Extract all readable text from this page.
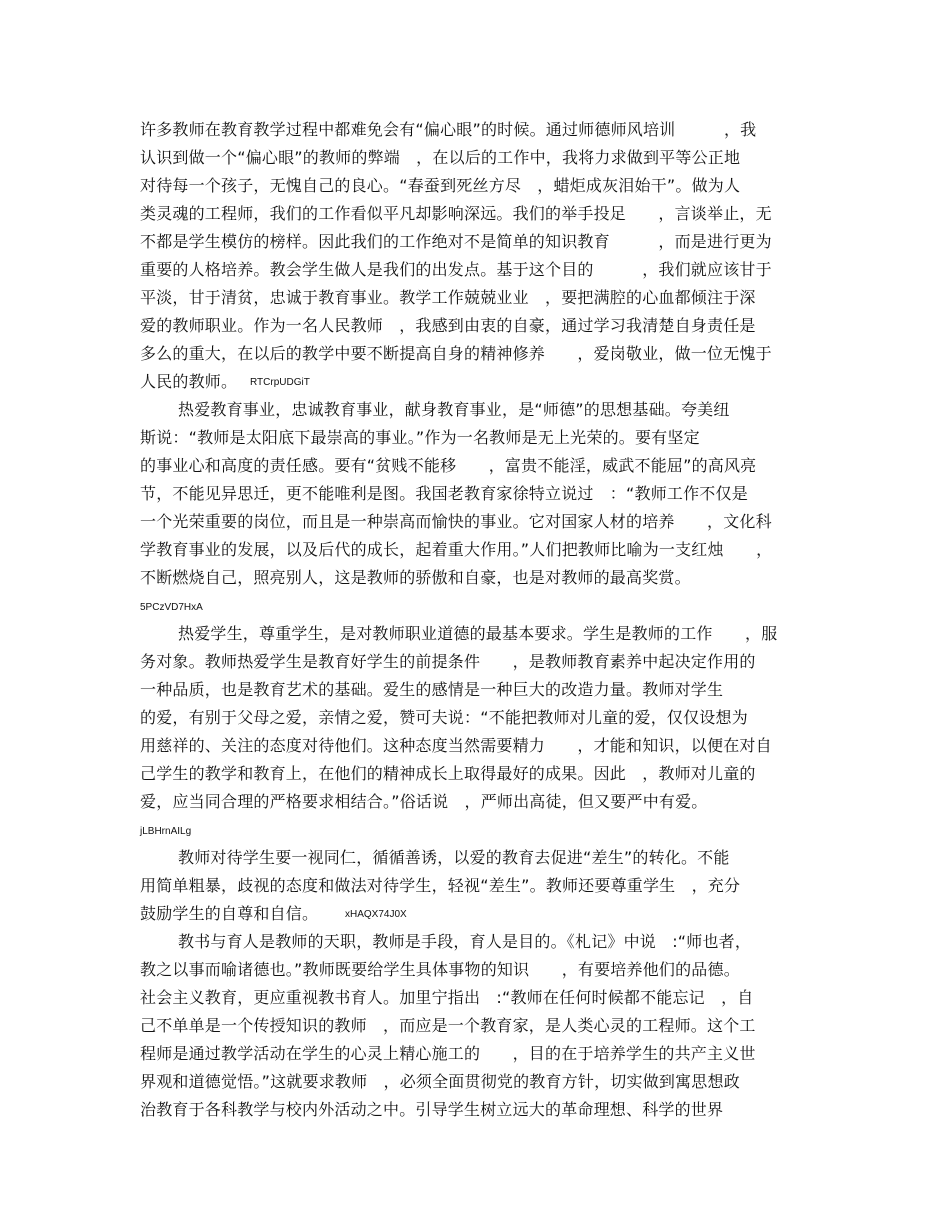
许多教师在教育教学过程中都难免会有“偏心眼”的时候。通过师德师风培训　　　，我
认识到做一个“偏心眼”的教师的弊端　，在以后的工作中，我将力求做到平等公正地
对待每一个孩子，无愧自己的良心。“春蚕到死丝方尽　，蜡炬成灰泪始干”。做为人
类灵魂的工程师，我们的工作看似平凡却影响深远。我们的举手投足　　，言谈举止，无
不都是学生模仿的榜样。因此我们的工作绝对不是简单的知识教育　　　，而是进行更为
重要的人格培养。教会学生做人是我们的出发点。基于这个目的　　　，我们就应该甘于
平淡，甘于清贫，忠诚于教育事业。教学工作兢兢业业　，要把满腔的心血都倾注于深
爱的教师职业。作为一名人民教师　，我感到由衷的自豪，通过学习我清楚自身责任是
多么的重大，在以后的教学中要不断提高自身的精神修养　　，爱岗敬业，做一位无愧于
人民的教师。 RTCrpUDGiT
热爱教育事业，忠诚教育事业，献身教育事业，是“师德”的思想基础。夸美纽
斯说：“教师是太阳底下最崇高的事业。”作为一名教师是无上光荣的。要有坚定
的事业心和高度的责任感。要有“贫贱不能移　　，富贵不能淫，威武不能屈”的高风亮
节，不能见异思迁，更不能唯利是图。我国老教育家徐特立说过　：“教师工作不仅是
一个光荣重要的岗位，而且是一种崇高而愉快的事业。它对国家人材的培养　　，文化科
学教育事业的发展，以及后代的成长，起着重大作用。”人们把教师比喻为一支红烛　　，
不断燃烧自己，照亮别人，这是教师的骄傲和自豪，也是对教师的最高奖赏。
5PCzVD7HxA
热爱学生，尊重学生，是对教师职业道德的最基本要求。学生是教师的工作　　，服
务对象。教师热爱学生是教育好学生的前提条件　　，是教师教育素养中起决定作用的
一种品质，也是教育艺术的基础。爱生的感情是一种巨大的改造力量。教师对学生
的爱，有别于父母之爱，亲情之爱，赞可夫说：“不能把教师对儿童的爱，仅仅设想为
用慈祥的、关注的态度对待他们。这种态度当然需要精力　　，才能和知识，以便在对自
己学生的教学和教育上，在他们的精神成长上取得最好的成果。因此　，教师对儿童的
爱，应当同合理的严格要求相结合。”俗话说　，严师出高徒，但又要严中有爱。
jLBHrnAILg
教师对待学生要一视同仁，循循善诱，以爱的教育去促进“差生”的转化。不能
用简单粗暴，歧视的态度和做法对待学生，轻视“差生”。教师还要尊重学生　，充分
鼓励学生的自尊和自信。	xHAQX74J0X
教书与育人是教师的天职，教师是手段，育人是目的。《札记》中说　:“师也者，
教之以事而喻诸德也。”教师既要给学生具体事物的知识　　，有要培养他们的品德。
社会主义教育，更应重视教书育人。加里宁指出　:“教师在任何时候都不能忘记　，自
己不单单是一个传授知识的教师　，而应是一个教育家，是人类心灵的工程师。这个工
程师是通过教学活动在学生的心灵上精心施工的　　，目的在于培养学生的共产主义世
界观和道德觉悟。”这就要求教师　，必须全面贯彻党的教育方针，切实做到寓思想政
治教育于各科教学与校内外活动之中。引导学生树立远大的革命理想、科学的世界
